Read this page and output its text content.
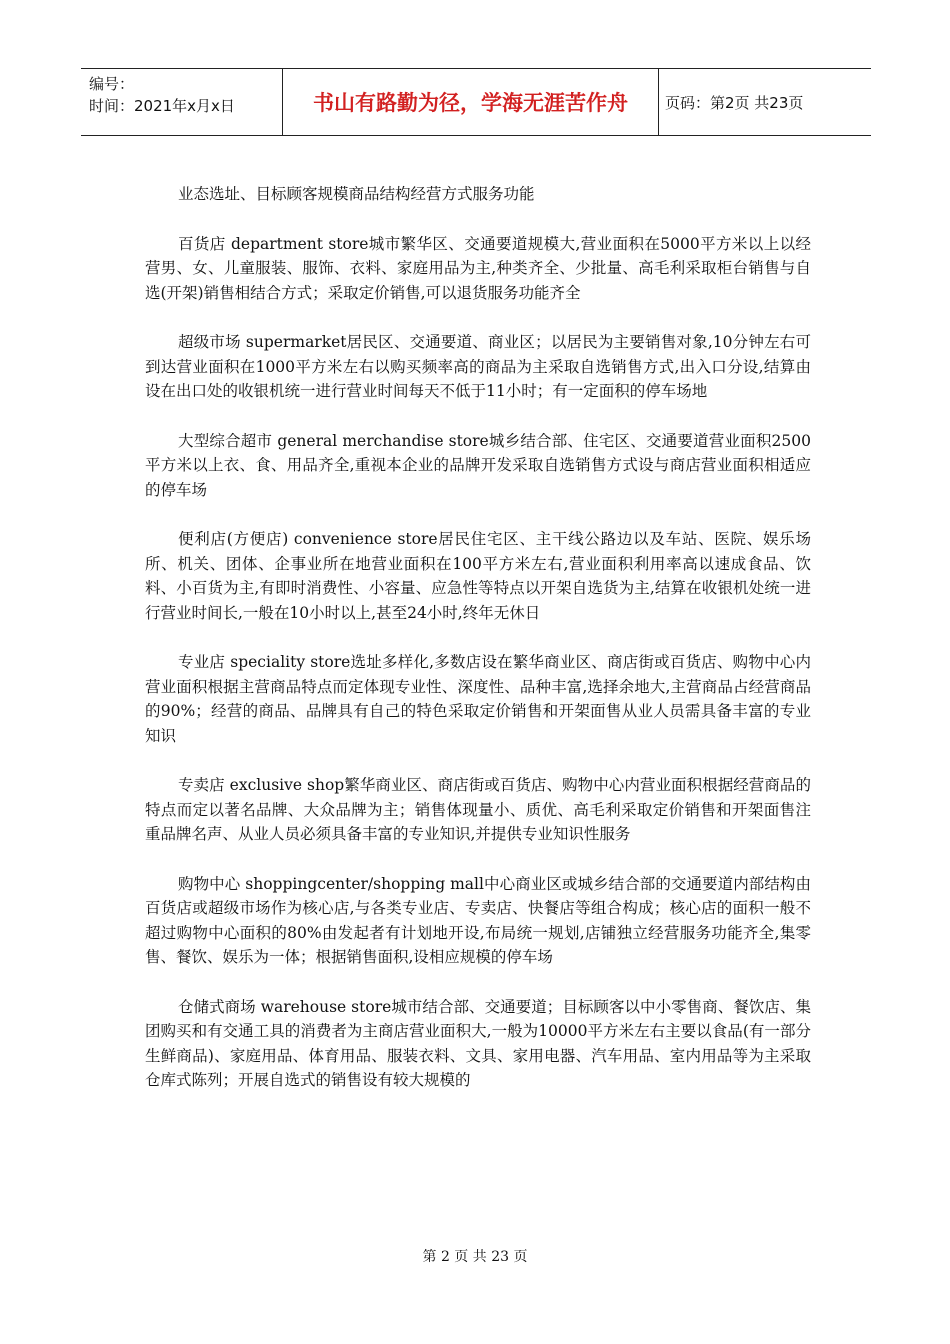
编号：
时间：2021年x月x日	书山有路勤为径，学海无涯苦作舟	页码：第2页 共23页

业态选址、目标顾客规模商品结构经营方式服务功能

百货店 department store城市繁华区、交通要道规模大,营业面积在5000平方米以上以经营男、女、儿童服装、服饰、衣料、家庭用品为主,种类齐全、少批量、高毛利采取柜台销售与自选(开架)销售相结合方式；采取定价销售,可以退货服务功能齐全

超级市场 supermarket居民区、交通要道、商业区；以居民为主要销售对象,10分钟左右可到达营业面积在1000平方米左右以购买频率高的商品为主采取自选销售方式,出入口分设,结算由设在出口处的收银机统一进行营业时间每天不低于11小时；有一定面积的停车场地

大型综合超市 general merchandise store城乡结合部、住宅区、交通要道营业面积2500平方米以上衣、食、用品齐全,重视本企业的品牌开发采取自选销售方式设与商店营业面积相适应的停车场

便利店(方便店) convenience store居民住宅区、主干线公路边以及车站、医院、娱乐场所、机关、团体、企事业所在地营业面积在100平方米左右,营业面积利用率高以速成食品、饮料、小百货为主,有即时消费性、小容量、应急性等特点以开架自选货为主,结算在收银机处统一进行营业时间长,一般在10小时以上,甚至24小时,终年无休日

专业店 speciality store选址多样化,多数店设在繁华商业区、商店街或百货店、购物中心内营业面积根据主营商品特点而定体现专业性、深度性、品种丰富,选择余地大,主营商品占经营商品的90%；经营的商品、品牌具有自己的特色采取定价销售和开架面售从业人员需具备丰富的专业知识

专卖店 exclusive shop繁华商业区、商店街或百货店、购物中心内营业面积根据经营商品的特点而定以著名品牌、大众品牌为主；销售体现量小、质优、高毛利采取定价销售和开架面售注重品牌名声、从业人员必须具备丰富的专业知识,并提供专业知识性服务

购物中心 shoppingcenter/shopping mall中心商业区或城乡结合部的交通要道内部结构由百货店或超级市场作为核心店,与各类专业店、专卖店、快餐店等组合构成；核心店的面积一般不超过购物中心面积的80%由发起者有计划地开设,布局统一规划,店铺独立经营服务功能齐全,集零售、餐饮、娱乐为一体；根据销售面积,设相应规模的停车场

仓储式商场 warehouse store城市结合部、交通要道；目标顾客以中小零售商、餐饮店、集团购买和有交通工具的消费者为主商店营业面积大,一般为10000平方米左右主要以食品(有一部分生鲜商品)、家庭用品、体育用品、服装衣料、文具、家用电器、汽车用品、室内用品等为主采取仓库式陈列；开展自选式的销售设有较大规模的

第 2 页 共 23 页
